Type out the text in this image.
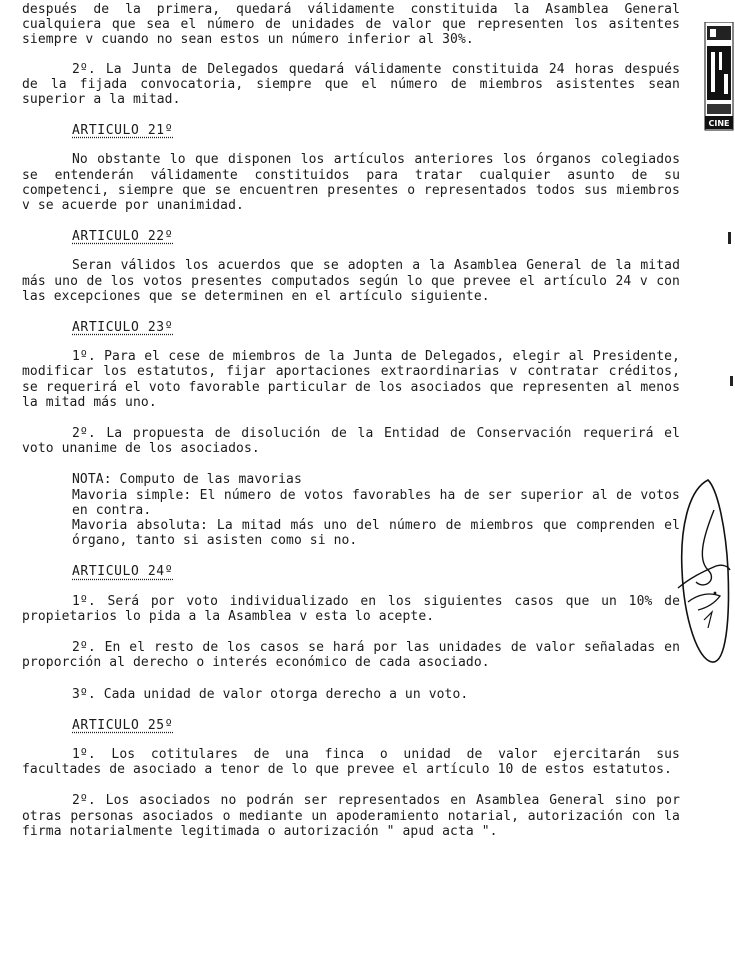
después de la primera, quedará válidamente constituida la Asamblea General cualquiera que sea el número de unidades de valor que representen los asitentes siempre v cuando no sean estos un número inferior al 30%.

2º. La Junta de Delegados quedará válidamente constituida 24 horas después de la fijada convocatoria, siempre que el número de miembros asistentes sean superior a la mitad.

ARTICULO 21º

No obstante lo que disponen los artículos anteriores los órganos colegiados se entenderán válidamente constituidos para tratar cualquier asunto de su competenci, siempre que se encuentren presentes o representados todos sus miembros v se acuerde por unanimidad.

ARTICULO 22º

Seran válidos los acuerdos que se adopten a la Asamblea General de la mitad más uno de los votos presentes computados según lo que prevee el artículo 24 v con las excepciones que se determinen en el artículo siguiente.

ARTICULO 23º

1º. Para el cese de miembros de la Junta de Delegados, elegir al Presidente, modificar los estatutos, fijar aportaciones extraordinarias v contratar créditos, se requerirá el voto favorable particular de los asociados que representen al menos la mitad más uno.

2º. La propuesta de disolución de la Entidad de Conservación requerirá el voto unanime de los asociados.

NOTA: Computo de las mavorias

Mavoria simple: El número de votos favorables ha de ser superior al de votos en contra.

Mavoria absoluta: La mitad más uno del número de miembros que comprenden el órgano, tanto si asisten como si no.

ARTICULO 24º

1º. Será por voto individualizado en los siguientes casos que un 10% de propietarios lo pida a la Asamblea v esta lo acepte.

2º. En el resto de los casos se hará por las unidades de valor señaladas en proporción al derecho o interés económico de cada asociado.

3º. Cada unidad de valor otorga derecho a un voto.

ARTICULO 25º

1º. Los cotitulares de una finca o unidad de valor ejercitarán sus facultades de asociado a tenor de lo que prevee el artículo 10 de estos estatutos.

2º. Los asociados no podrán ser representados en Asamblea General sino por otras personas asociados o mediante un apoderamiento notarial, autorización con la firma notarialmente legitimada o autorización " apud acta ".

CINE
